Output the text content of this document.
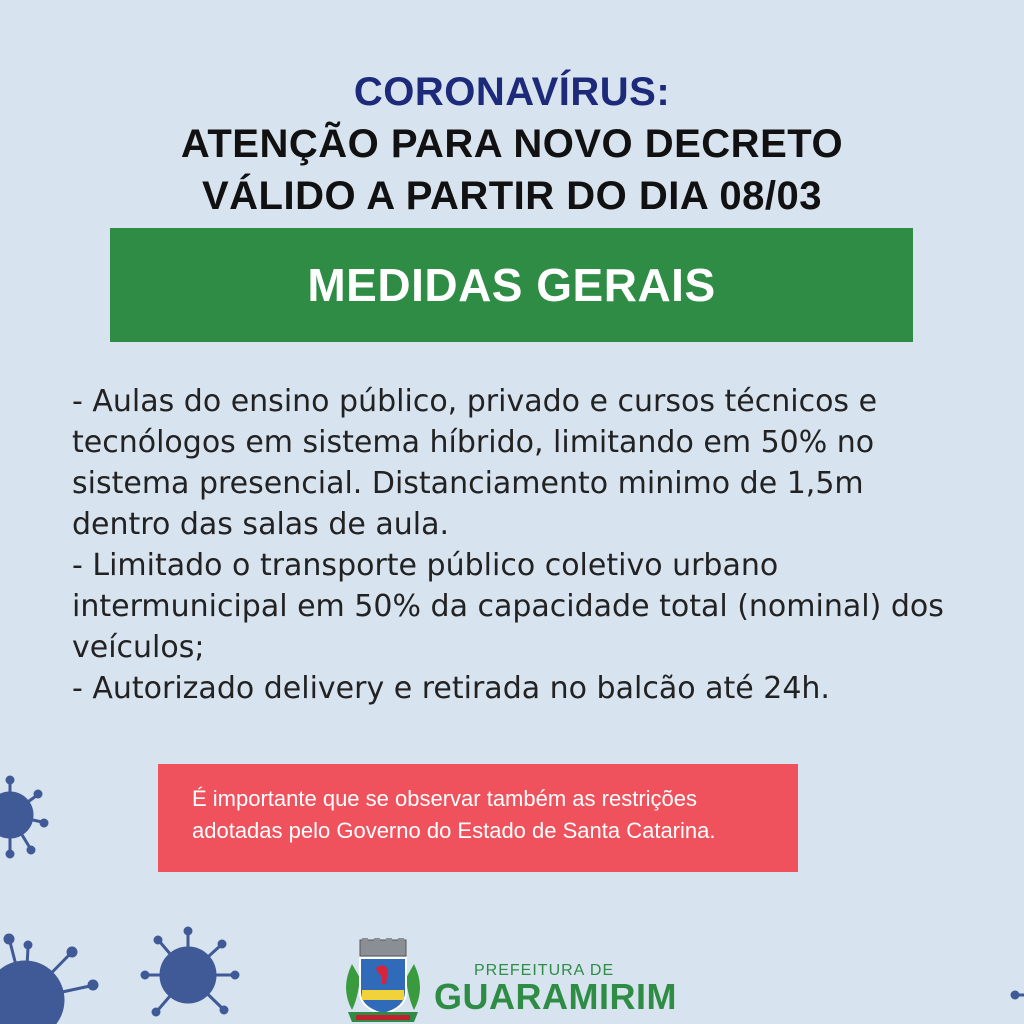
CORONAVÍRUS:
ATENÇÃO PARA NOVO DECRETO
VÁLIDO A PARTIR DO DIA 08/03
MEDIDAS GERAIS
- Aulas do ensino público, privado e cursos técnicos e
tecnólogos em sistema híbrido, limitando em 50% no
sistema presencial. Distanciamento minimo de 1,5m
dentro das salas de aula.
- Limitado o transporte público coletivo urbano
intermunicipal em 50% da capacidade total (nominal) dos
veículos;
- Autorizado delivery e retirada no balcão até 24h.
É importante que se observar também as restrições
adotadas pelo Governo do Estado de Santa Catarina.
PREFEITURA DE
GUARAMIRIM
